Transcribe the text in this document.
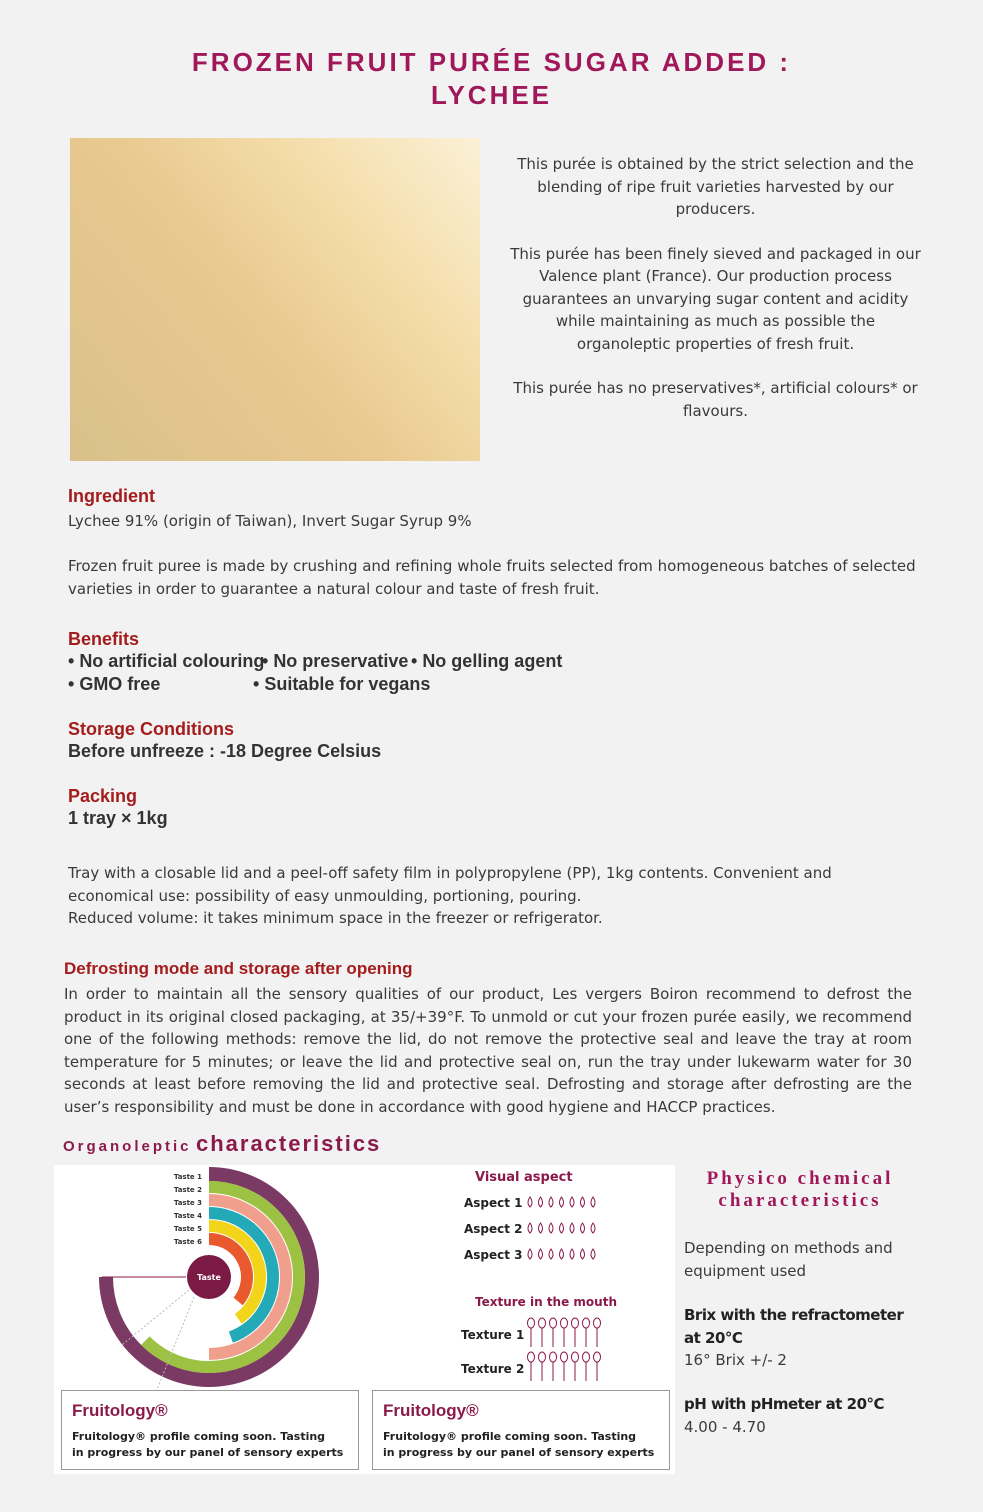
FROZEN FRUIT PURÉE SUGAR ADDED :
LYCHEE

This purée is obtained by the strict selection and the blending of ripe fruit varieties harvested by our producers.

This purée has been finely sieved and packaged in our Valence plant (France). Our production process guarantees an unvarying sugar content and acidity while maintaining as much as possible the organoleptic properties of fresh fruit.

This purée has no preservatives*, artificial colours* or flavours.

Ingredient
Lychee 91% (origin of Taiwan), Invert Sugar Syrup 9%
Frozen fruit puree is made by crushing and refining whole fruits selected from homogeneous batches of selected varieties in order to guarantee a natural colour and taste of fresh fruit.
Benefits
• No artificial colouring
• No preservative • No gelling agent
• GMO free	• Suitable for vegans
Storage Conditions
Before unfreeze : -18 Degree Celsius
Packing
1 tray × 1kg
Tray with a closable lid and a peel-off safety film in polypropylene (PP), 1kg contents. Convenient and economical use: possibility of easy unmoulding, portioning, pouring.
Reduced volume: it takes minimum space in the freezer or refrigerator.
Defrosting mode and storage after opening
In order to maintain all the sensory qualities of our product, Les vergers Boiron recommend to defrost the product in its original closed packaging, at 35/+39°F. To unmold or cut your frozen purée easily, we recommend one of the following methods: remove the lid, do not remove the protective seal and leave the tray at room temperature for 5 minutes; or leave the lid and protective seal on, run the tray under lukewarm water for 30 seconds at least before removing the lid and protective seal. Defrosting and storage after defrosting are the user’s responsibility and must be done in accordance with good hygiene and HACCP practices.
Organoleptic characteristics
Taste
Taste 1
Taste 2
Taste 3
Taste 4
Taste 5
Taste 6
Visual aspect
Aspect 1
Aspect 2
Aspect 3
Texture in the mouth
Texture 1
Texture 2
Fruitology®
Fruitology® profile coming soon. Tasting
in progress by our panel of sensory experts
Fruitology®
Fruitology® profile coming soon. Tasting
in progress by our panel of sensory experts
Physico chemical
characteristics
Depending on methods and equipment used
Brix with the refractometer at 20°C
16° Brix +/- 2
pH with pHmeter at 20°C
4.00 - 4.70
